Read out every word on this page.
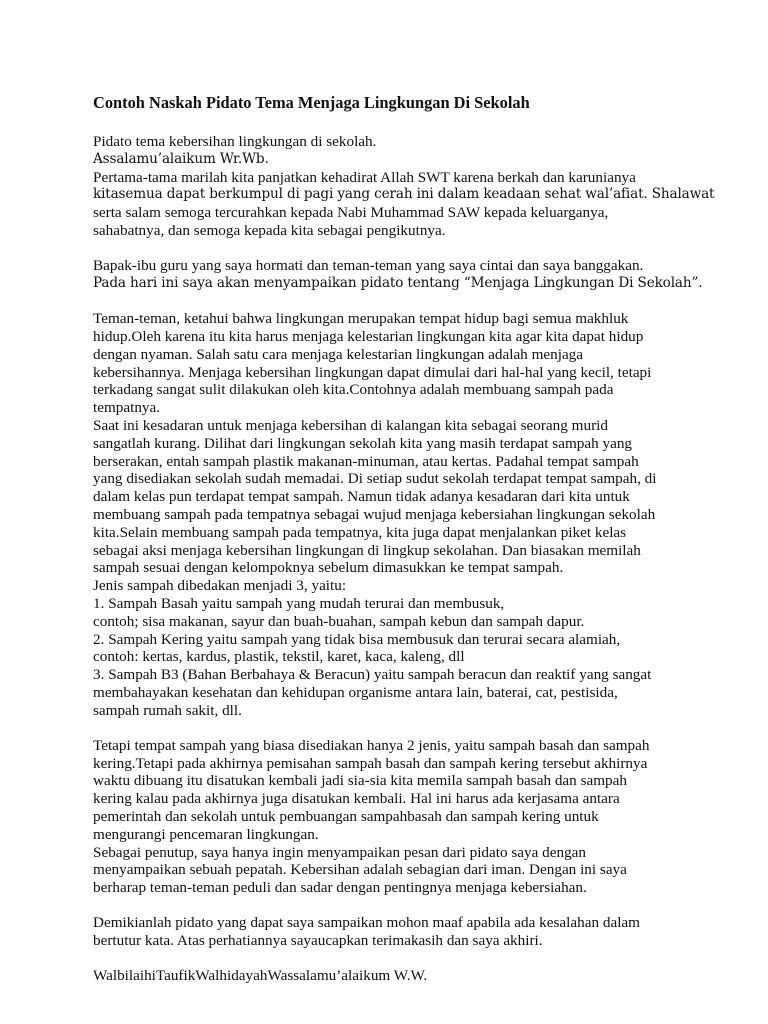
Contoh Naskah Pidato Tema Menjaga Lingkungan Di Sekolah
Pidato tema kebersihan lingkungan di sekolah.
Assalamu’alaikum Wr.Wb.
Pertama-tama marilah kita panjatkan kehadirat Allah SWT karena berkah dan karunianya
kitasemua dapat berkumpul di pagi yang cerah ini dalam keadaan sehat wal’afiat. Shalawat
serta salam semoga tercurahkan kepada Nabi Muhammad SAW kepada keluarganya,
sahabatnya, dan semoga kepada kita sebagai pengikutnya.
Bapak-ibu guru yang saya hormati dan teman-teman yang saya cintai dan saya banggakan.
Pada hari ini saya akan menyampaikan pidato tentang “Menjaga Lingkungan Di Sekolah”.
Teman-teman, ketahui bahwa lingkungan merupakan tempat hidup bagi semua makhluk
hidup.Oleh karena itu kita harus menjaga kelestarian lingkungan kita agar kita dapat hidup
dengan nyaman. Salah satu cara menjaga kelestarian lingkungan adalah menjaga
kebersihannya. Menjaga kebersihan lingkungan dapat dimulai dari hal-hal yang kecil, tetapi
terkadang sangat sulit dilakukan oleh kita.Contohnya adalah membuang sampah pada
tempatnya.
Saat ini kesadaran untuk menjaga kebersihan di kalangan kita sebagai seorang murid
sangatlah kurang. Dilihat dari lingkungan sekolah kita yang masih terdapat sampah yang
berserakan, entah sampah plastik makanan-minuman, atau kertas. Padahal tempat sampah
yang disediakan sekolah sudah memadai. Di setiap sudut sekolah terdapat tempat sampah, di
dalam kelas pun terdapat tempat sampah. Namun tidak adanya kesadaran dari kita untuk
membuang sampah pada tempatnya sebagai wujud menjaga kebersiahan lingkungan sekolah
kita.Selain membuang sampah pada tempatnya, kita juga dapat menjalankan piket kelas
sebagai aksi menjaga kebersihan lingkungan di lingkup sekolahan. Dan biasakan memilah
sampah sesuai dengan kelompoknya sebelum dimasukkan ke tempat sampah.
Jenis sampah dibedakan menjadi 3, yaitu:
1. Sampah Basah yaitu sampah yang mudah terurai dan membusuk,
contoh; sisa makanan, sayur dan buah-buahan, sampah kebun dan sampah dapur.
2. Sampah Kering yaitu sampah yang tidak bisa membusuk dan terurai secara alamiah,
contoh: kertas, kardus, plastik, tekstil, karet, kaca, kaleng, dll
3. Sampah B3 (Bahan Berbahaya & Beracun) yaitu sampah beracun dan reaktif yang sangat
membahayakan kesehatan dan kehidupan organisme antara lain, baterai, cat, pestisida,
sampah rumah sakit, dll.
Tetapi tempat sampah yang biasa disediakan hanya 2 jenis, yaitu sampah basah dan sampah
kering.Tetapi pada akhirnya pemisahan sampah basah dan sampah kering tersebut akhirnya
waktu dibuang itu disatukan kembali jadi sia-sia kita memila sampah basah dan sampah
kering kalau pada akhirnya juga disatukan kembali. Hal ini harus ada kerjasama antara
pemerintah dan sekolah untuk pembuangan sampahbasah dan sampah kering untuk
mengurangi pencemaran lingkungan.
Sebagai penutup, saya hanya ingin menyampaikan pesan dari pidato saya dengan
menyampaikan sebuah pepatah. Kebersihan adalah sebagian dari iman. Dengan ini saya
berharap teman-teman peduli dan sadar dengan pentingnya menjaga kebersiahan.
Demikianlah pidato yang dapat saya sampaikan mohon maaf apabila ada kesalahan dalam
bertutur kata. Atas perhatiannya sayaucapkan terimakasih dan saya akhiri.
WalbilaihiTaufikWalhidayahWassalamu’alaikum W.W.
